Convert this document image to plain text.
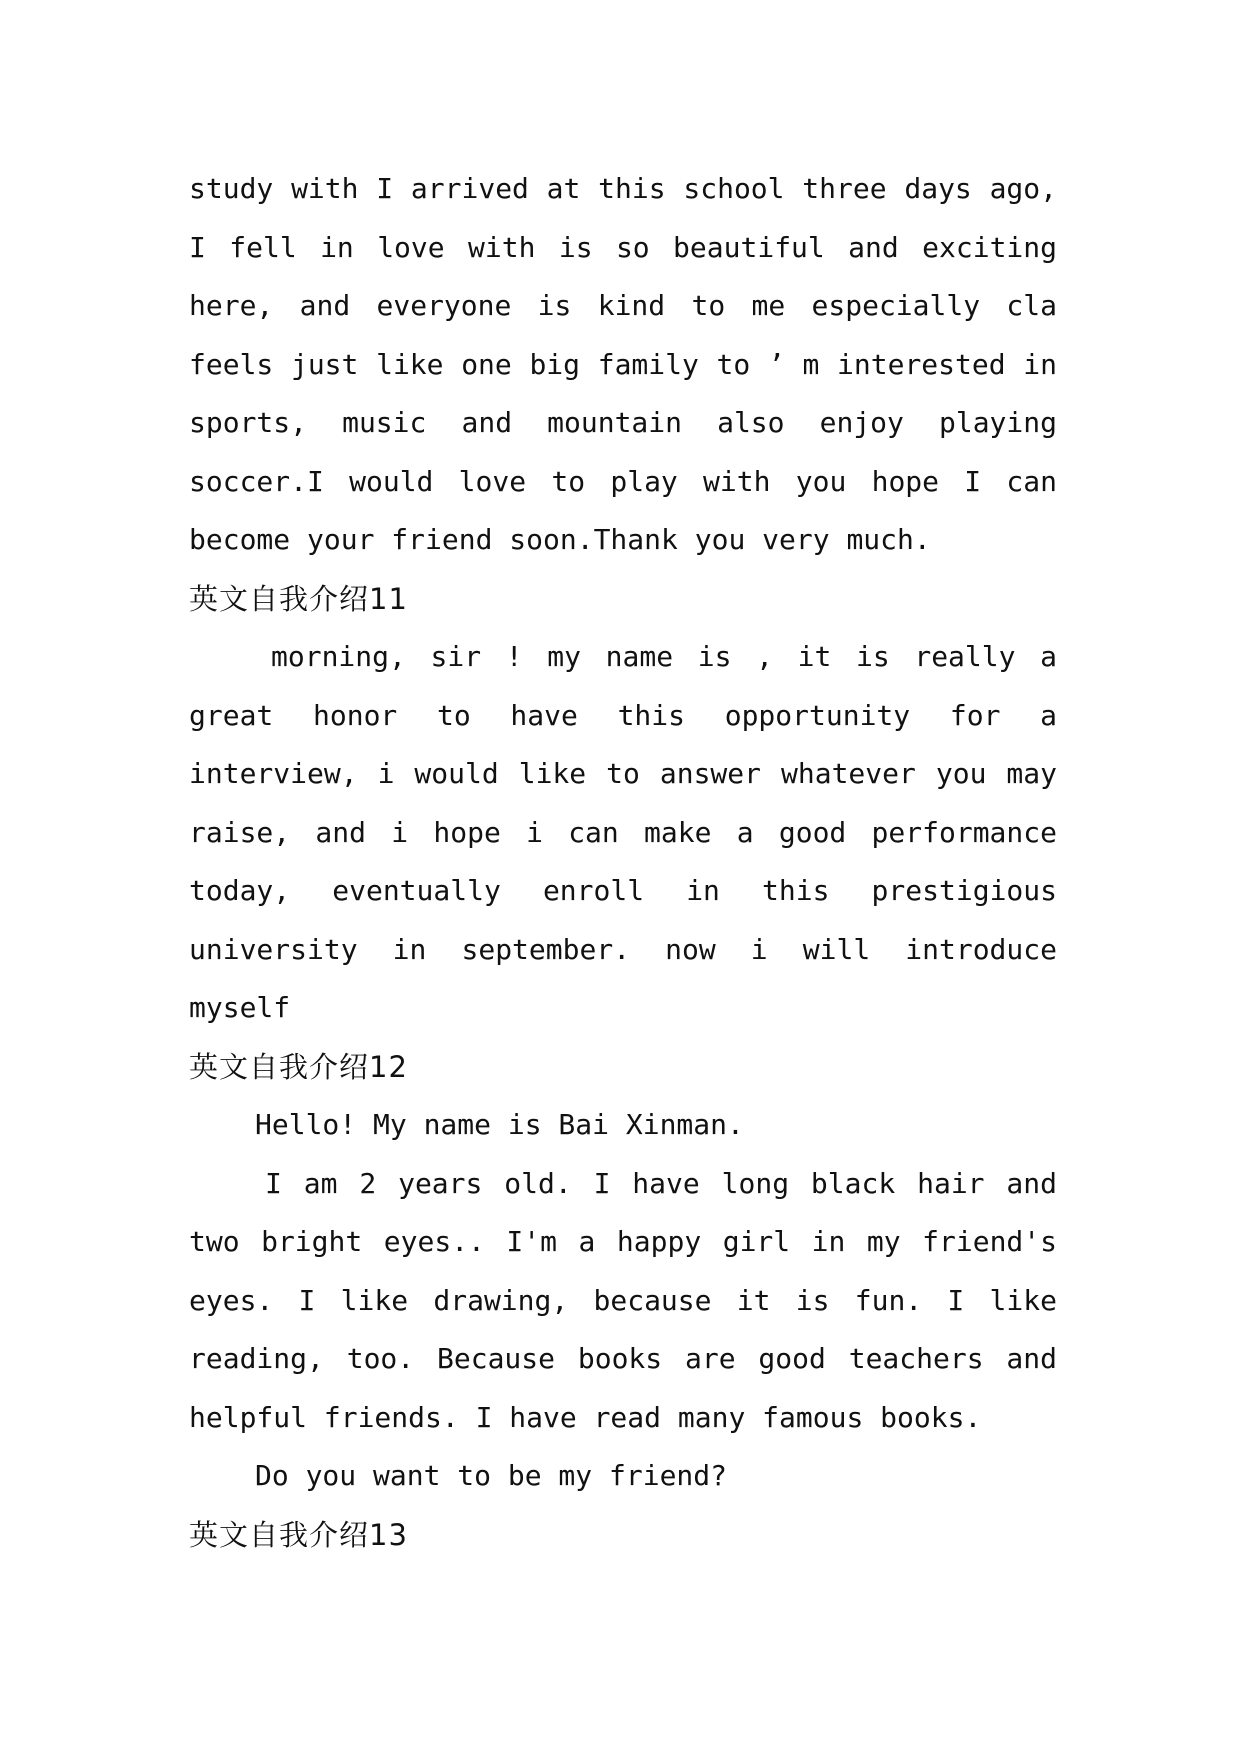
study with I arrived at this school three days ago, I fell in love with is so beautiful and exciting here, and everyone is kind to me especially cla feels just like one big family to ’ m interested in sports, music and mountain also enjoy playing soccer.I would love to play with you hope I can become your friend soon.Thank you very much.

英文自我介绍11

morning, sir ! my name is , it is really a great honor to have this opportunity for a interview, i would like to answer whatever you may raise, and i hope i can make a good performance today, eventually enroll in this prestigious university in september. now i will introduce myself

英文自我介绍12

Hello! My name is Bai Xinman.

I am 2 years old. I have long black hair and two bright eyes.. I'm a happy girl in my friend's eyes. I like drawing, because it is fun. I like reading, too. Because books are good teachers and helpful friends. I have read many famous books.

Do you want to be my friend?

英文自我介绍13
